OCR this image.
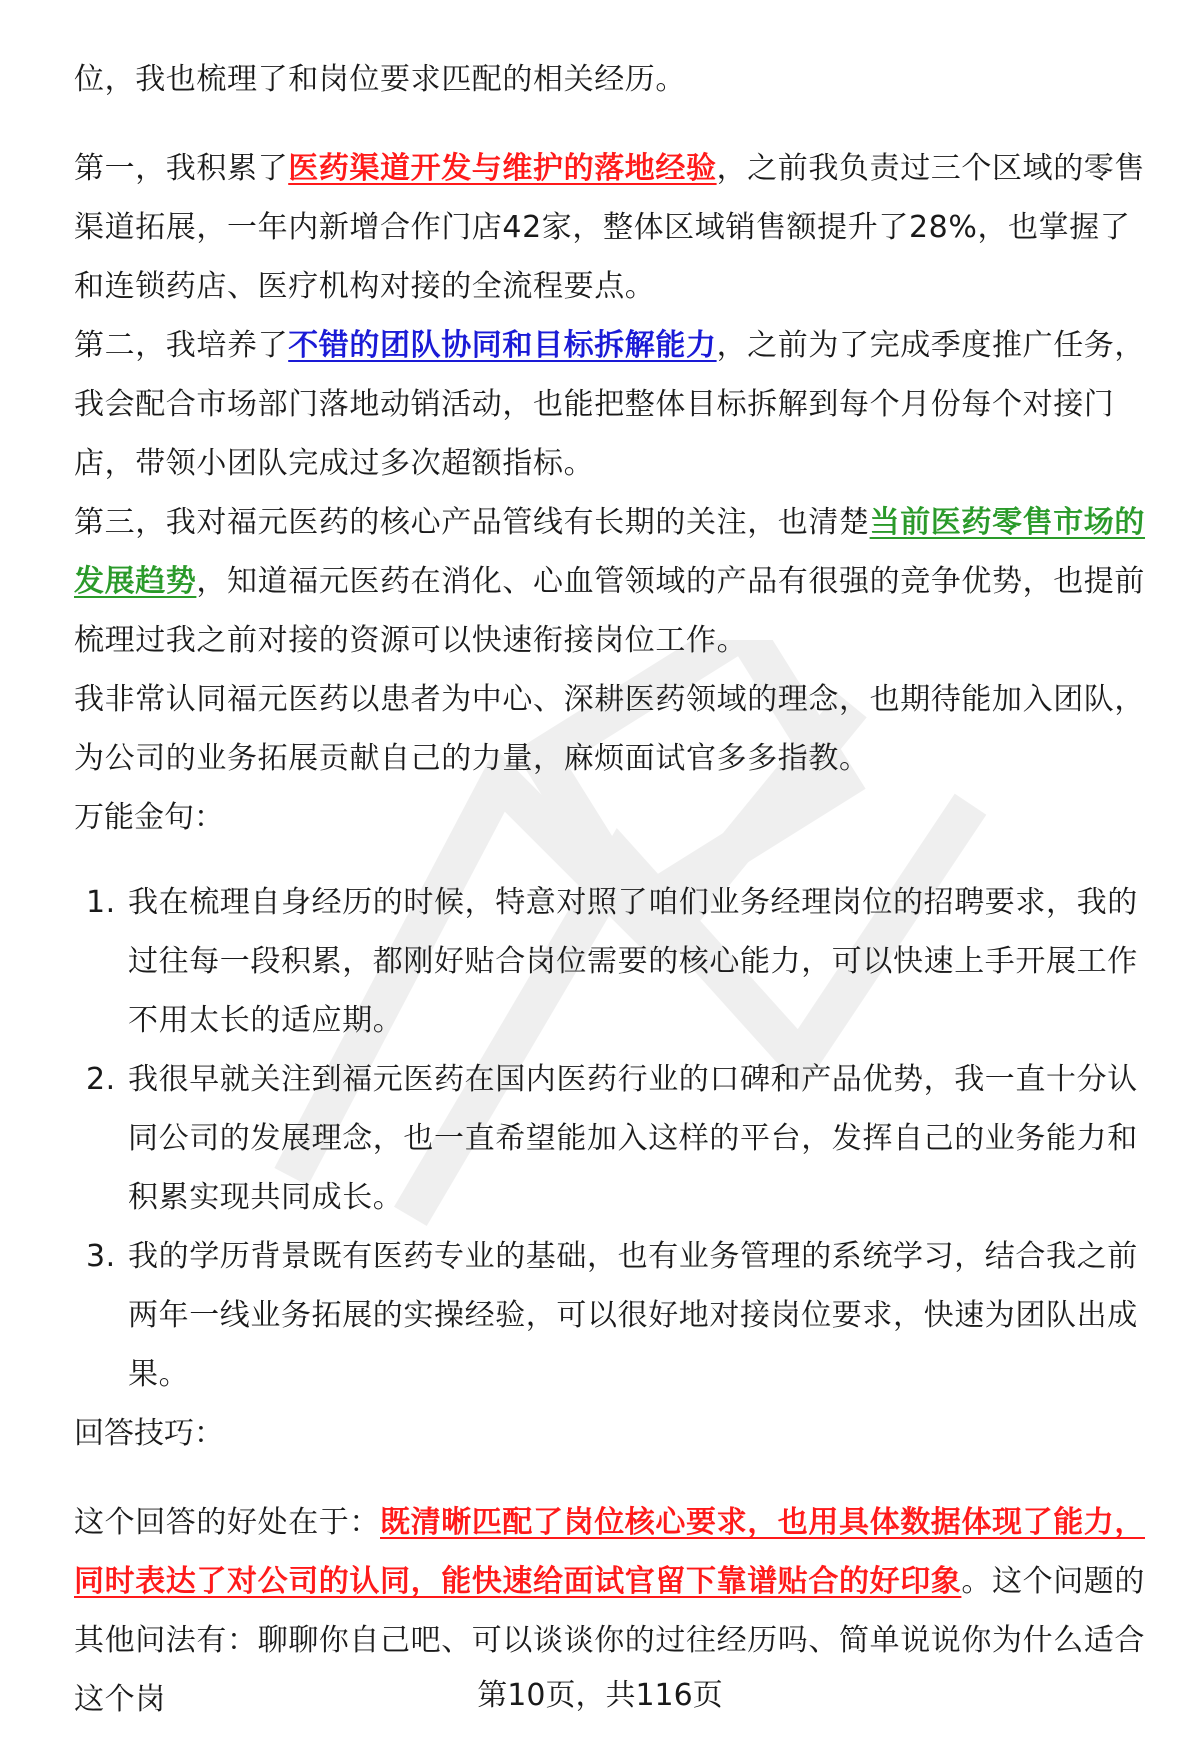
位，我也梳理了和岗位要求匹配的相关经历。

第一，我积累了医药渠道开发与维护的落地经验，之前我负责过三个区域的零售渠道拓展，一年内新增合作门店42家，整体区域销售额提升了28%，也掌握了和连锁药店、医疗机构对接的全流程要点。

第二，我培养了不错的团队协同和目标拆解能力，之前为了完成季度推广任务，我会配合市场部门落地动销活动，也能把整体目标拆解到每个月份每个对接门店，带领小团队完成过多次超额指标。

第三，我对福元医药的核心产品管线有长期的关注，也清楚当前医药零售市场的发展趋势，知道福元医药在消化、心血管领域的产品有很强的竞争优势，也提前梳理过我之前对接的资源可以快速衔接岗位工作。

我非常认同福元医药以患者为中心、深耕医药领域的理念，也期待能加入团队，为公司的业务拓展贡献自己的力量，麻烦面试官多多指教。

万能金句：

1. 我在梳理自身经历的时候，特意对照了咱们业务经理岗位的招聘要求，我的过往每一段积累，都刚好贴合岗位需要的核心能力，可以快速上手开展工作不用太长的适应期。
2. 我很早就关注到福元医药在国内医药行业的口碑和产品优势，我一直十分认同公司的发展理念，也一直希望能加入这样的平台，发挥自己的业务能力和积累实现共同成长。
3. 我的学历背景既有医药专业的基础，也有业务管理的系统学习，结合我之前两年一线业务拓展的实操经验，可以很好地对接岗位要求，快速为团队出成果。

回答技巧：

这个回答的好处在于：既清晰匹配了岗位核心要求，也用具体数据体现了能力，同时表达了对公司的认同，能快速给面试官留下靠谱贴合的好印象。这个问题的其他问法有：聊聊你自己吧、可以谈谈你的过往经历吗、简单说说你为什么适合这个岗	第10页，共116页
